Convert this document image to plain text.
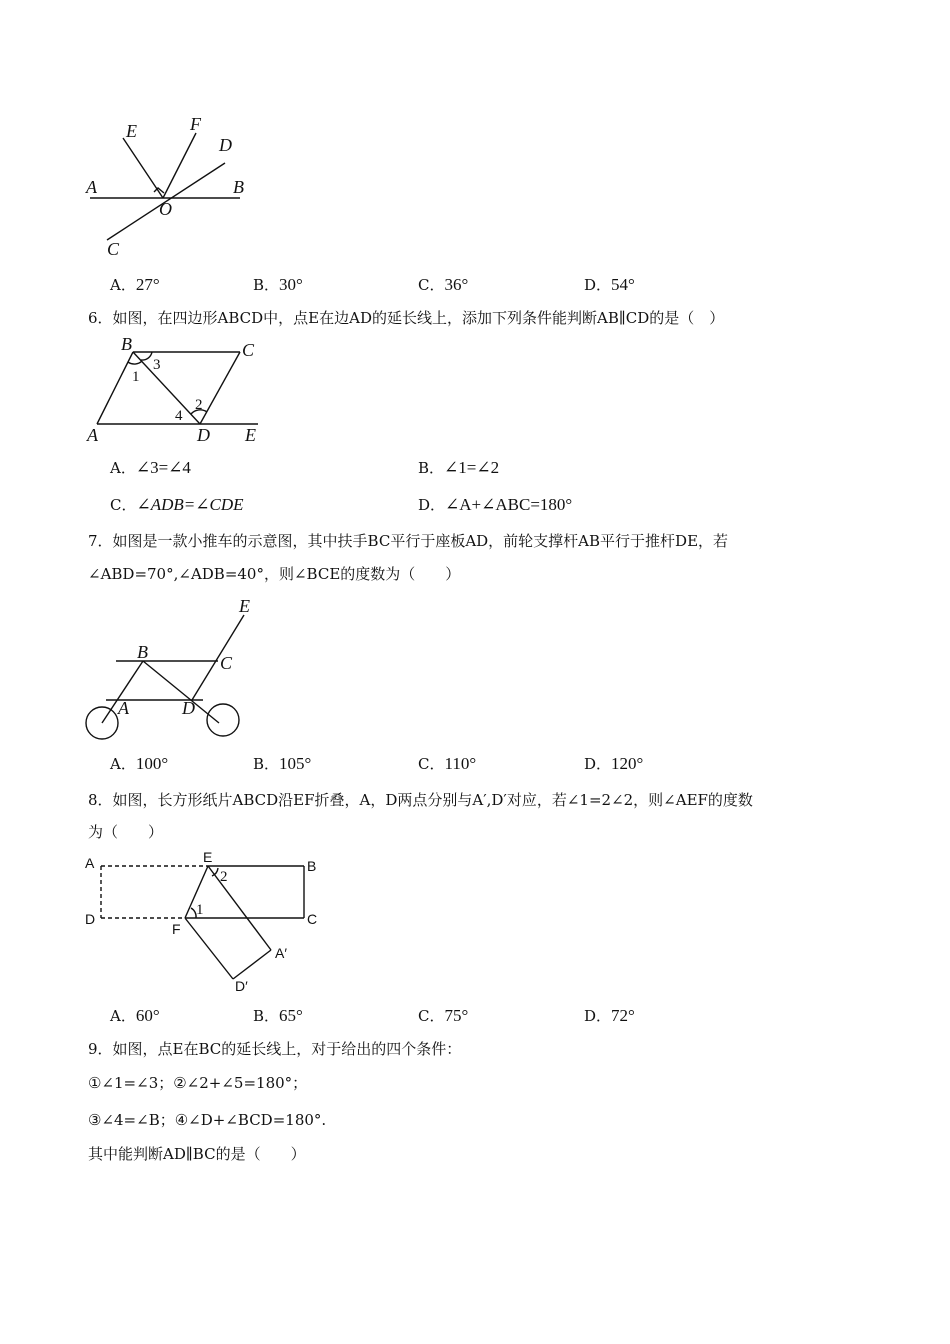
A	B
C
D
E	F
O
A．27°	B．30°	C．36°	D．54°
6．如图，在四边形ABCD中，点E在边AD的延长线上，添加下列条件能判断AB∥CD的是（　）
B	C
A	D E
1
2
3
4
A．∠3=∠4	B．∠1=∠2
C．∠ADB=∠CDE	D．∠A+∠ABC=180°
7．如图是一款小推车的示意图，其中扶手BC平行于座板AD，前轮支撑杆AB平行于推杆DE，若
∠ABD=70°,∠ADB=40°，则∠BCE的度数为（　　）
E
B
C
A	D
A．100°	B．105°	C．110°	D．120°
8．如图，长方形纸片ABCD沿EF折叠，A，D两点分别与A′,D′对应，若∠1=2∠2，则∠AEF的度数
为（　　）
A	E
B
D
F
C
A′
D′
2
1
A．60°	B．65°	C．75°	D．72°
9．如图，点E在BC的延长线上，对于给出的四个条件：
①∠1=∠3；②∠2+∠5=180°；
③∠4=∠B；④∠D+∠BCD=180°.
其中能判断AD∥BC的是（　　）
